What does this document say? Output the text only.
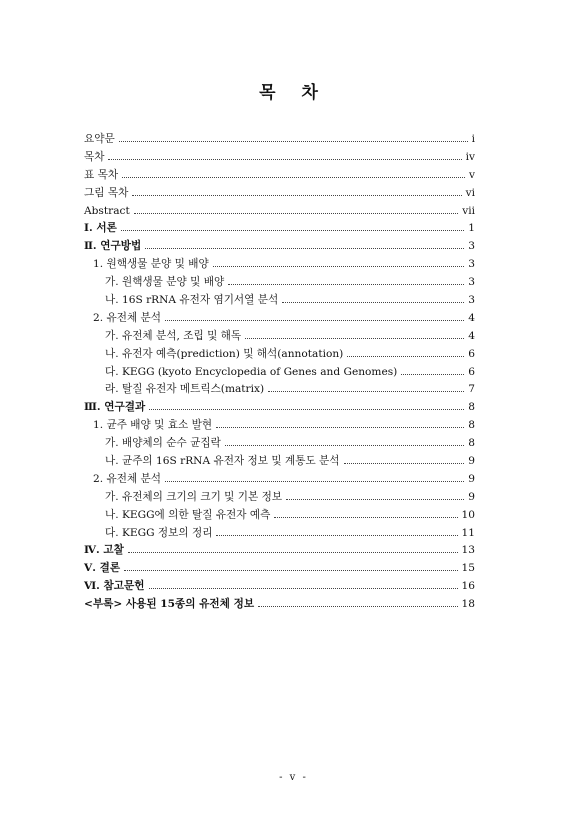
목 차
요약문	i
목차	iv
표 목차	v
그림 목차	vi
Abstract	vii
Ⅰ. 서론	1
Ⅱ. 연구방법	3
1. 원핵생물 분양 및 배양	3
가. 원핵생물 분양 및 배양	3
나. 16S rRNA 유전자 염기서열 분석	3
2. 유전체 분석	4
가. 유전체 분석, 조립 및 해독	4
나. 유전자 예측(prediction) 및 해석(annotation)	6
다. KEGG (kyoto Encyclopedia of Genes and Genomes)	6
라. 탈질 유전자 메트릭스(matrix)	7
Ⅲ. 연구결과	8
1. 균주 배양 및 효소 발현	8
가. 배양체의 순수 균집락	8
나. 균주의 16S rRNA 유전자 정보 및 계통도 분석	9
2. 유전체 분석	9
가. 유전체의 크기의 크기 및 기본 정보	9
나. KEGG에 의한 탈질 유전자 예측	10
다. KEGG 정보의 정리	11
Ⅳ. 고찰	13
Ⅴ. 결론	15
Ⅵ. 참고문헌	16
<부록> 사용된 15종의 유전체 정보	18
- v -
